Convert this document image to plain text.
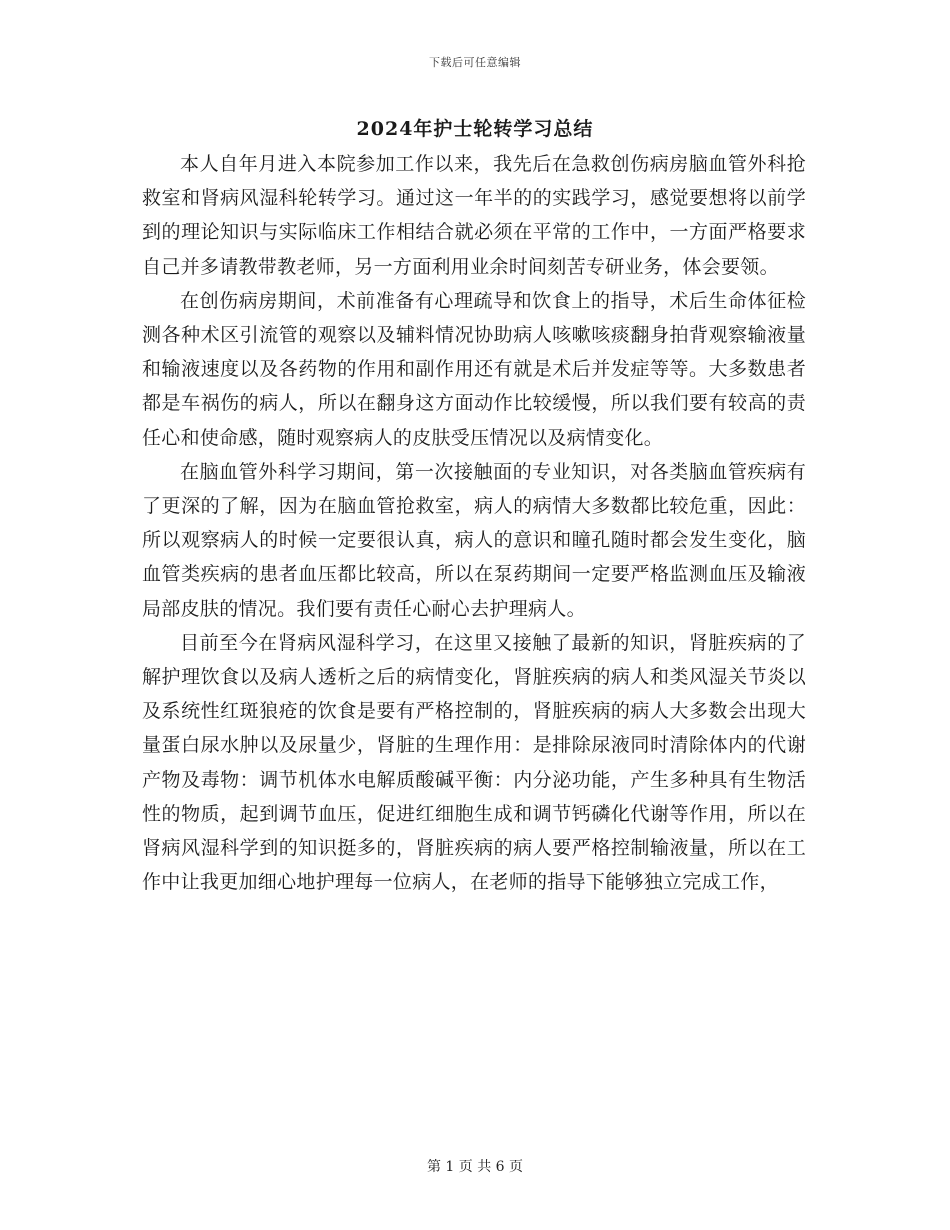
下载后可任意编辑
2024年护士轮转学习总结

本人自年月进入本院参加工作以来，我先后在急救创伤病房脑血管外科抢救室和肾病风湿科轮转学习。通过这一年半的的实践学习，感觉要想将以前学到的理论知识与实际临床工作相结合就必须在平常的工作中，一方面严格要求自己并多请教带教老师，另一方面利用业余时间刻苦专研业务，体会要领。

在创伤病房期间，术前准备有心理疏导和饮食上的指导，术后生命体征检测各种术区引流管的观察以及辅料情况协助病人咳嗽咳痰翻身拍背观察输液量和输液速度以及各药物的作用和副作用还有就是术后并发症等等。大多数患者都是车祸伤的病人，所以在翻身这方面动作比较缓慢，所以我们要有较高的责任心和使命感，随时观察病人的皮肤受压情况以及病情变化。

在脑血管外科学习期间，第一次接触面的专业知识，对各类脑血管疾病有了更深的了解，因为在脑血管抢救室，病人的病情大多数都比较危重，因此：所以观察病人的时候一定要很认真，病人的意识和瞳孔随时都会发生变化，脑血管类疾病的患者血压都比较高，所以在泵药期间一定要严格监测血压及输液局部皮肤的情况。我们要有责任心耐心去护理病人。

目前至今在肾病风湿科学习，在这里又接触了最新的知识，肾脏疾病的了解护理饮食以及病人透析之后的病情变化，肾脏疾病的病人和类风湿关节炎以及系统性红斑狼疮的饮食是要有严格控制的，肾脏疾病的病人大多数会出现大量蛋白尿水肿以及尿量少，肾脏的生理作用：是排除尿液同时清除体内的代谢产物及毒物：调节机体水电解质酸碱平衡：内分泌功能，产生多种具有生物活性的物质，起到调节血压，促进红细胞生成和调节钙磷化代谢等作用，所以在肾病风湿科学到的知识挺多的，肾脏疾病的病人要严格控制输液量，所以在工作中让我更加细心地护理每一位病人，在老师的指导下能够独立完成工作，

第 1 页 共 6 页
